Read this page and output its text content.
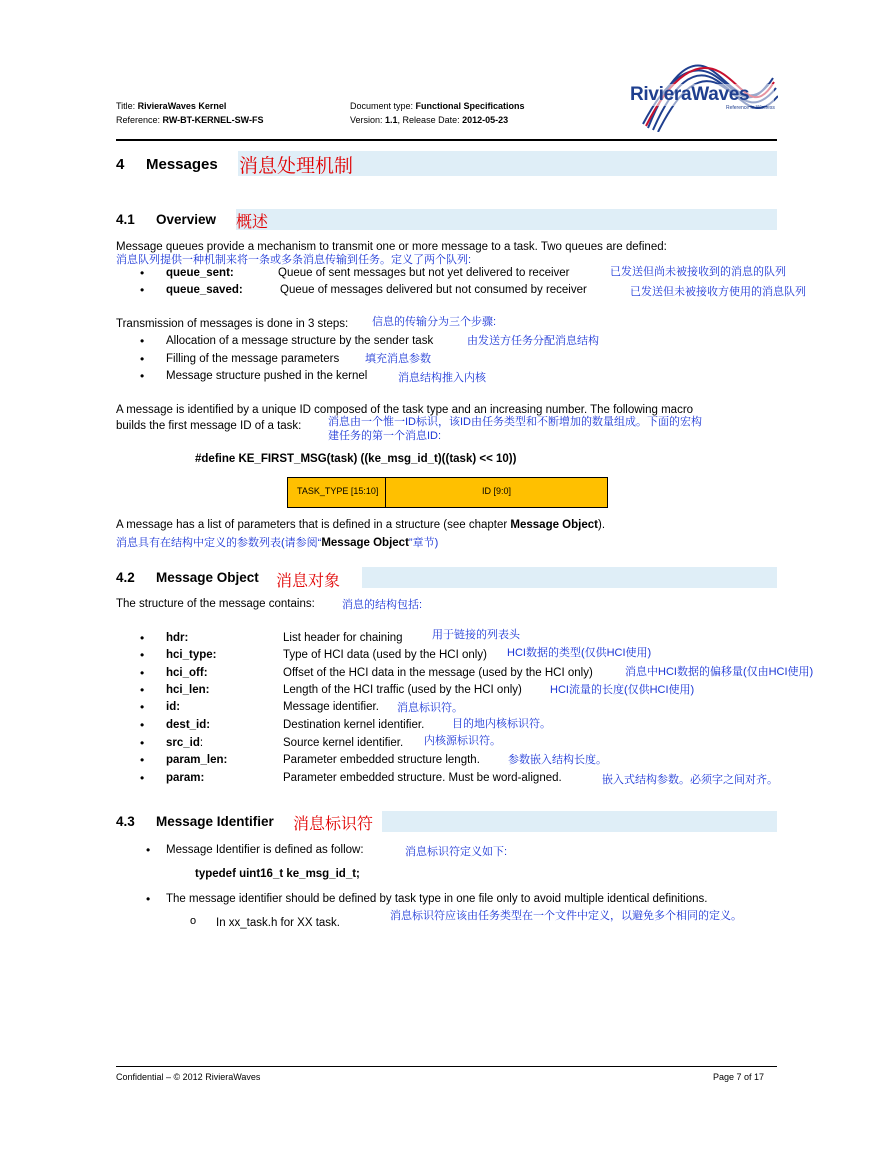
Title: RivieraWaves Kernel
Reference: RW-BT-KERNEL-SW-FS
Document type: Functional Specifications
Version: 1.1, Release Date: 2012-05-23
RivieraWaves
Reference in Wireless
4 Messages 消息处理机制
4.1 Overview 概述
Message queues provide a mechanism to transmit one or more message to a task. Two queues are defined:
消息队列提供一种机制来将一条或多条消息传输到任务。定义了两个队列:
• queue_sent:	Queue of sent messages but not yet delivered to receiver	已发送但尚未被接收到的消息的队列
• queue_saved:	Queue of messages delivered but not consumed by receiver	已发送但未被接收方使用的消息队列
Transmission of messages is done in 3 steps: 信息的传输分为三个步骤:
• Allocation of a message structure by the sender task	由发送方任务分配消息结构
• Filling of the message parameters 填充消息参数
• Message structure pushed in the kernel	消息结构推入内核
A message is identified by a unique ID composed of the task type and an increasing number. The following macro
builds the first message ID of a task: 消息由一个惟一ID标识，该ID由任务类型和不断增加的数量组成。下面的宏构
建任务的第一个消息ID:
#define KE_FIRST_MSG(task) ((ke_msg_id_t)((task) << 10))
TASK_TYPE [15:10]	ID [9:0]
A message has a list of parameters that is defined in a structure (see chapter Message Object).
消息具有在结构中定义的参数列表(请参阅“Message Object”章节)
4.2 Message Object 消息对象
The structure of the message contains: 消息的结构包括:
• hdr:	List header for chaining	用于链接的列表头
• hci_type:	Type of HCI data (used by the HCI only) HCI数据的类型(仅供HCI使用)
• hci_off:	Offset of the HCI data in the message (used by the HCI only)	消息中HCI数据的偏移量(仅由HCI使用)
• hci_len:	Length of the HCI traffic (used by the HCI only)	HCI流量的长度(仅供HCI使用)
• id:	Message identifier. 消息标识符。
• dest_id:	Destination kernel identifier.	目的地内核标识符。
• src_id:	Source kernel identifier. 内核源标识符。
• param_len:	Parameter embedded structure length.	参数嵌入结构长度。
• param:	Parameter embedded structure. Must be word-aligned.	嵌入式结构参数。必须字之间对齐。
4.3 Message Identifier 消息标识符
• Message Identifier is defined as follow:	消息标识符定义如下:
typedef uint16_t ke_msg_id_t;
• The message identifier should be defined by task type in one file only to avoid multiple identical definitions.
o In xx_task.h for XX task.
消息标识符应该由任务类型在一个文件中定义，以避免多个相同的定义。
Confidential – © 2012 RivieraWaves	Page 7 of 17
